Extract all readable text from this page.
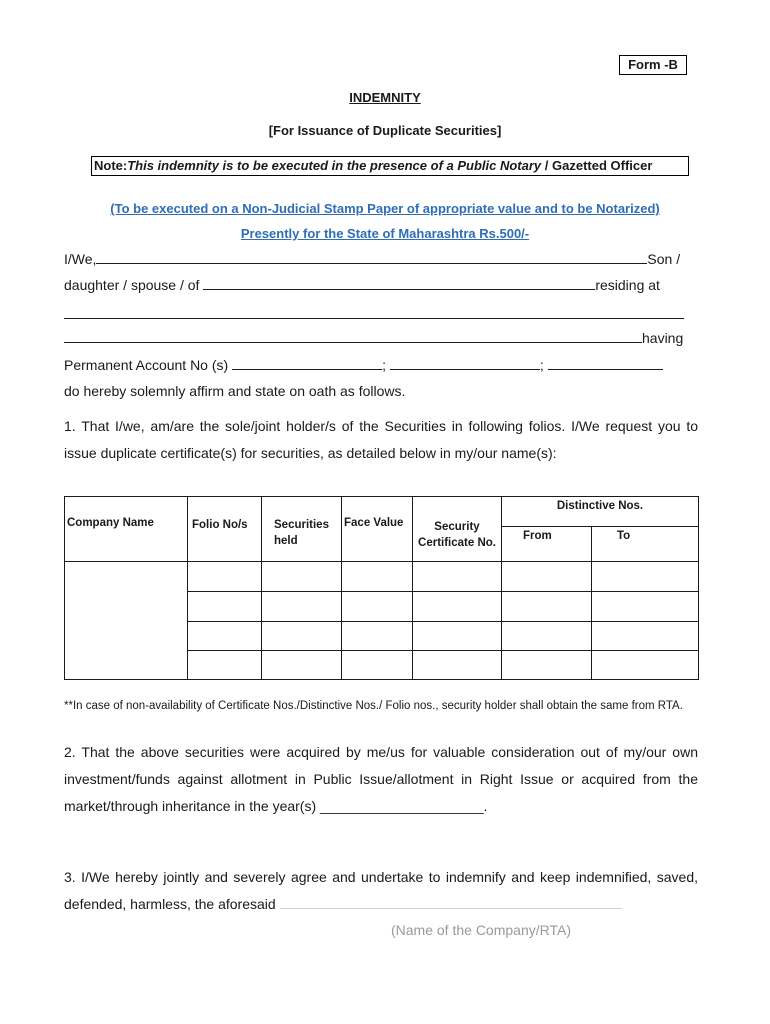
Form -B
INDEMNITY
[For Issuance of Duplicate Securities]
Note:This indemnity is to be executed in the presence of a Public Notary / Gazetted Officer
(To be executed on a Non-Judicial Stamp Paper of appropriate value and to be Notarized)
Presently for the State of Maharashtra Rs.500/-
I/We,	Son /
daughter / spouse / of	residing at
having
Permanent Account No (s)	;	;
do hereby solemnly affirm and state on oath as follows.
1. That I/we, am/are the sole/joint holder/s of the Securities in following folios. I/We request you to issue duplicate certificate(s) for securities, as detailed below in my/our name(s):
Company Name	Folio No/s	Securities held	Face Value	Security Certificate No.	Distinctive Nos.	
					From	To

**In case of non-availability of Certificate Nos./Distinctive Nos./ Folio nos., security holder shall obtain the same from RTA.
2. That the above securities were acquired by me/us for valuable consideration out of my/our own investment/funds against allotment in Public Issue/allotment in Right Issue or acquired from the market/through inheritance in the year(s) _____________________.
3. I/We hereby jointly and severely agree and undertake to indemnify and keep indemnified, saved, defended, harmless, the aforesaid
(Name of the Company/RTA)
